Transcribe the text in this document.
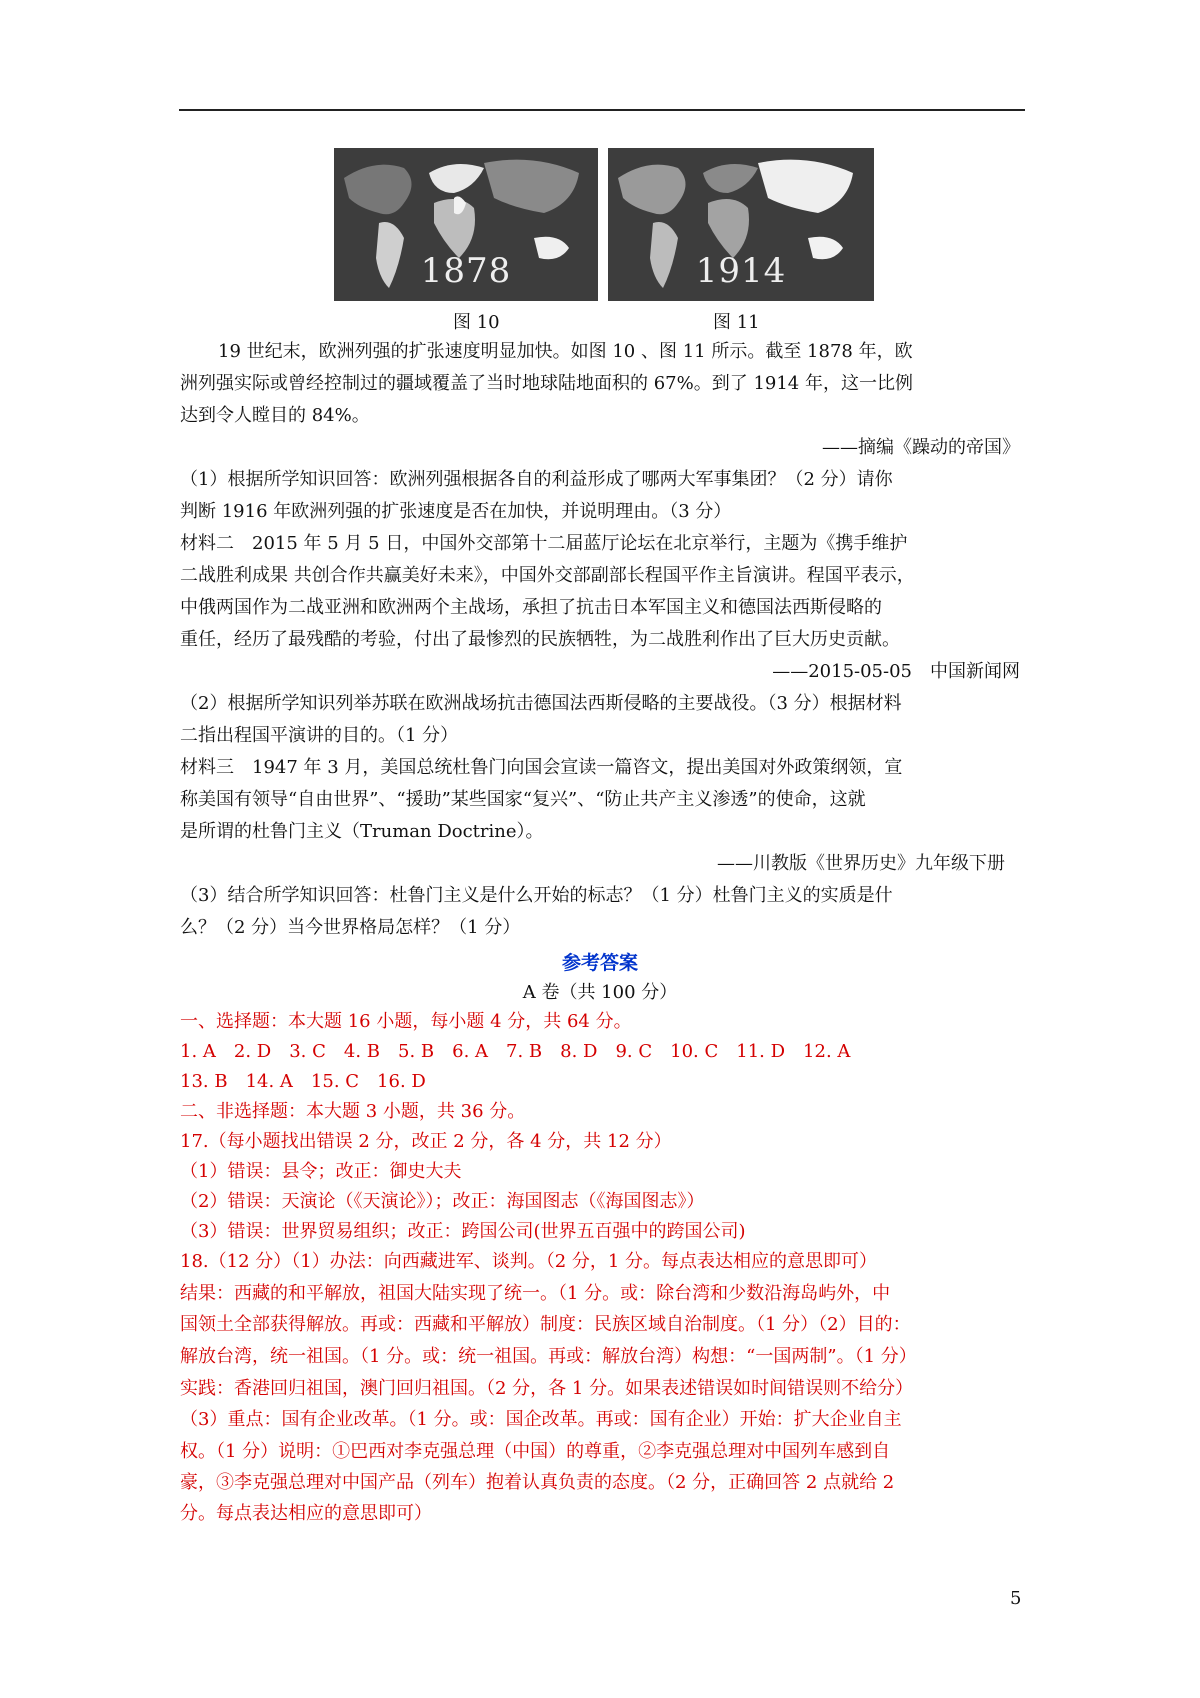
1878	1914
图 10	图 11
19 世纪末，欧洲列强的扩张速度明显加快。如图 10 、图 11 所示。截至 1878 年，欧
洲列强实际或曾经控制过的疆域覆盖了当时地球陆地面积的 67%。到了 1914 年，这一比例
达到令人瞠目的 84%。
——摘编《躁动的帝国》
（1）根据所学知识回答：欧洲列强根据各自的利益形成了哪两大军事集团？（2 分）请你
判断 1916 年欧洲列强的扩张速度是否在加快，并说明理由。（3 分）
材料二　2015 年 5 月 5 日，中国外交部第十二届蓝厅论坛在北京举行，主题为《携手维护
二战胜利成果 共创合作共赢美好未来》，中国外交部副部长程国平作主旨演讲。程国平表示，
中俄两国作为二战亚洲和欧洲两个主战场，承担了抗击日本军国主义和德国法西斯侵略的
重任，经历了最残酷的考验，付出了最惨烈的民族牺牲，为二战胜利作出了巨大历史贡献。
——2015-05-05　中国新闻网
（2）根据所学知识列举苏联在欧洲战场抗击德国法西斯侵略的主要战役。（3 分）根据材料
二指出程国平演讲的目的。（1 分）
材料三　1947 年 3 月，美国总统杜鲁门向国会宣读一篇咨文，提出美国对外政策纲领，宣
称美国有领导“自由世界”、“援助”某些国家“复兴”、“防止共产主义渗透”的使命，这就
是所谓的杜鲁门主义（Truman Doctrine）。
——川教版《世界历史》九年级下册
（3）结合所学知识回答：杜鲁门主义是什么开始的标志？（1 分）杜鲁门主义的实质是什
么？（2 分）当今世界格局怎样？（1 分）
参考答案
A 卷（共 100 分）
一、选择题：本大题 16 小题，每小题 4 分，共 64 分。
1. A　2. D　3. C　4. B　5. B　6. A　7. B　8. D　9. C　10. C　11. D　12. A
13. B　14. A　15. C　16. D
二、非选择题：本大题 3 小题，共 36 分。
17.（每小题找出错误 2 分，改正 2 分，各 4 分，共 12 分）
（1）错误：县令；改正：御史大夫
（2）错误：天演论（《天演论》）；改正：海国图志（《海国图志》）
（3）错误：世界贸易组织；改正：跨国公司(世界五百强中的跨国公司)
18.（12 分）（1）办法：向西藏进军、谈判。（2 分，1 分。每点表达相应的意思即可）
结果：西藏的和平解放，祖国大陆实现了统一。（1 分。或：除台湾和少数沿海岛屿外，中
国领土全部获得解放。再或：西藏和平解放）制度：民族区域自治制度。（1 分）（2）目的：
解放台湾，统一祖国。（1 分。或：统一祖国。再或：解放台湾）构想：“一国两制”。（1 分）
实践：香港回归祖国，澳门回归祖国。（2 分，各 1 分。如果表述错误如时间错误则不给分）
（3）重点：国有企业改革。（1 分。或：国企改革。再或：国有企业）开始：扩大企业自主
权。（1 分）说明：①巴西对李克强总理（中国）的尊重，②李克强总理对中国列车感到自
豪，③李克强总理对中国产品（列车）抱着认真负责的态度。（2 分，正确回答 2 点就给 2
分。每点表达相应的意思即可）
5
